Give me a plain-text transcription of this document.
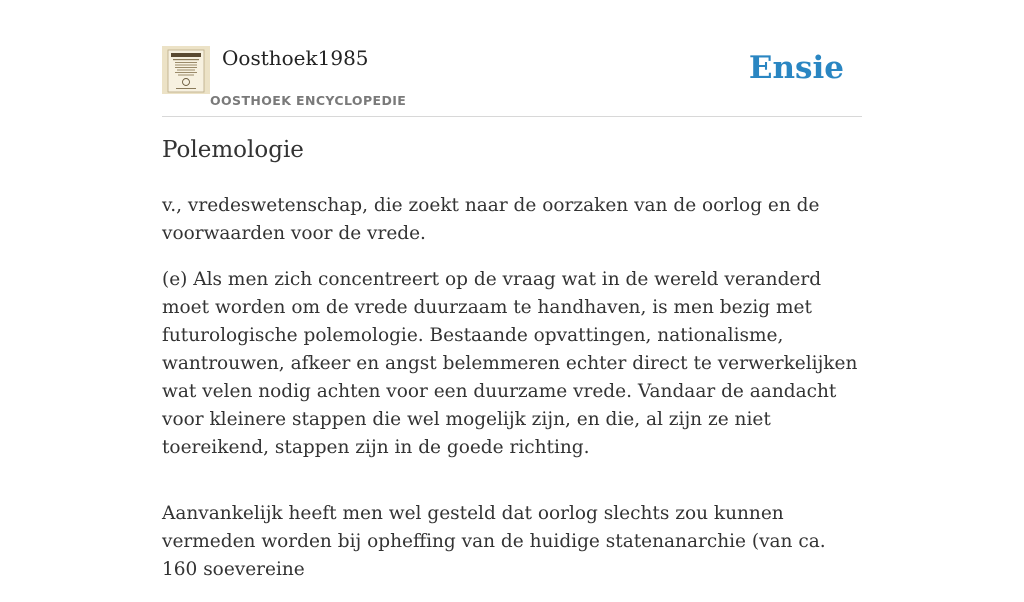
Oosthoek1985
OOSTHOEK ENCYCLOPEDIE
Ensie
Polemologie

v., vredeswetenschap, die zoekt naar de oorzaken van de oorlog en de voorwaarden voor de vrede.

(e) Als men zich concentreert op de vraag wat in de wereld veranderd moet worden om de vrede duurzaam te handhaven, is men bezig met futurologische polemologie. Bestaande opvattingen, nationalisme, wantrouwen, afkeer en angst belemmeren echter direct te verwerkelijken wat velen nodig achten voor een duurzame vrede. Vandaar de aandacht voor kleinere stappen die wel mogelijk zijn, en die, al zijn ze niet toereikend, stappen zijn in de goede richting.

Aanvankelijk heeft men wel gesteld dat oorlog slechts zou kunnen vermeden worden bij opheffing van de huidige statenanarchie (van ca. 160 soevereine
